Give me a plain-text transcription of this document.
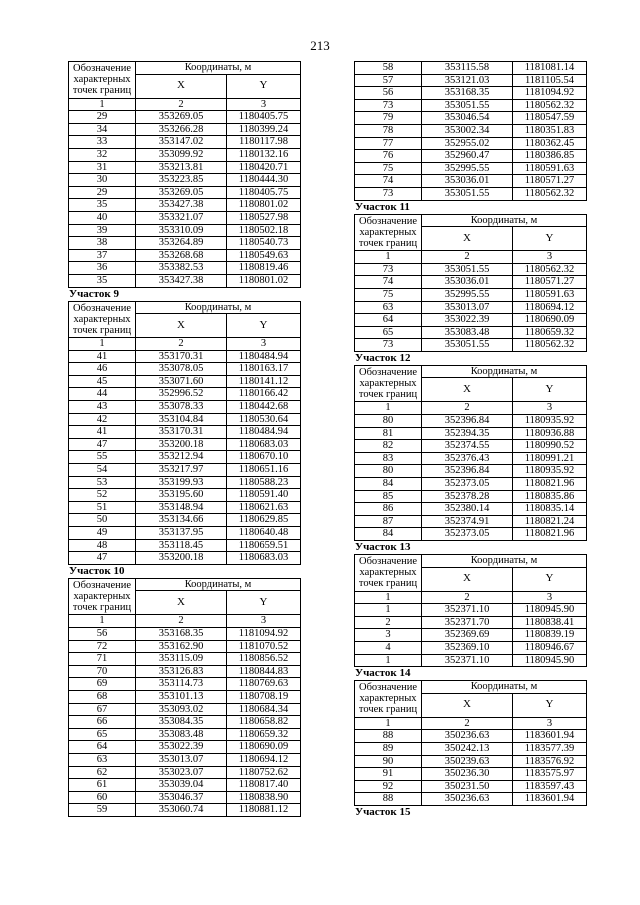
213
Обозначение характерных точек границ	Координаты, м	
	X	Y
1	2	3
29	353269.05	1180405.75
34	353266.28	1180399.24
33	353147.02	1180117.98
32	353099.92	1180132.16
31	353213.81	1180420.71
30	353223.85	1180444.30
29	353269.05	1180405.75
35	353427.38	1180801.02
40	353321.07	1180527.98
39	353310.09	1180502.18
38	353264.89	1180540.73
37	353268.68	1180549.63
36	353382.53	1180819.46
35	353427.38	1180801.02
Участок 9
Обозначение характерных точек границ	Координаты, м	
	X	Y
1	2	3
41	353170.31	1180484.94
46	353078.05	1180163.17
45	353071.60	1180141.12
44	352996.52	1180166.42
43	353078.33	1180442.68
42	353104.84	1180530.64
41	353170.31	1180484.94
47	353200.18	1180683.03
55	353212.94	1180670.10
54	353217.97	1180651.16
53	353199.93	1180588.23
52	353195.60	1180591.40
51	353148.94	1180621.63
50	353134.66	1180629.85
49	353137.95	1180640.48
48	353118.45	1180659.51
47	353200.18	1180683.03
Участок 10
Обозначение характерных точек границ	Координаты, м	
	X	Y
1	2	3
56	353168.35	1181094.92
72	353162.90	1181070.52
71	353115.09	1180856.52
70	353126.83	1180844.83
69	353114.73	1180769.63
68	353101.13	1180708.19
67	353093.02	1180684.34
66	353084.35	1180658.82
65	353083.48	1180659.32
64	353022.39	1180690.09
63	353013.07	1180694.12
62	353023.07	1180752.62
61	353039.04	1180817.40
60	353046.37	1180838.90
59	353060.74	1180881.12
58	353115.58	1181081.14
57	353121.03	1181105.54
56	353168.35	1181094.92
73	353051.55	1180562.32
79	353046.54	1180547.59
78	353002.34	1180351.83
77	352955.02	1180362.45
76	352960.47	1180386.85
75	352995.55	1180591.63
74	353036.01	1180571.27
73	353051.55	1180562.32
Участок 11
Обозначение характерных точек границ	Координаты, м	
	X	Y
1	2	3
73	353051.55	1180562.32
74	353036.01	1180571.27
75	352995.55	1180591.63
63	353013.07	1180694.12
64	353022.39	1180690.09
65	353083.48	1180659.32
73	353051.55	1180562.32
Участок 12
Обозначение характерных точек границ	Координаты, м	
	X	Y
1	2	3
80	352396.84	1180935.92
81	352394.35	1180936.88
82	352374.55	1180990.52
83	352376.43	1180991.21
80	352396.84	1180935.92
84	352373.05	1180821.96
85	352378.28	1180835.86
86	352380.14	1180835.14
87	352374.91	1180821.24
84	352373.05	1180821.96
Участок 13
Обозначение характерных точек границ	Координаты, м	
	X	Y
1	2	3
1	352371.10	1180945.90
2	352371.70	1180838.41
3	352369.69	1180839.19
4	352369.10	1180946.67
1	352371.10	1180945.90
Участок 14
Обозначение характерных точек границ	Координаты, м	
	X	Y
1	2	3
88	350236.63	1183601.94
89	350242.13	1183577.39
90	350239.63	1183576.92
91	350236.30	1183575.97
92	350231.50	1183597.43
88	350236.63	1183601.94
Участок 15
